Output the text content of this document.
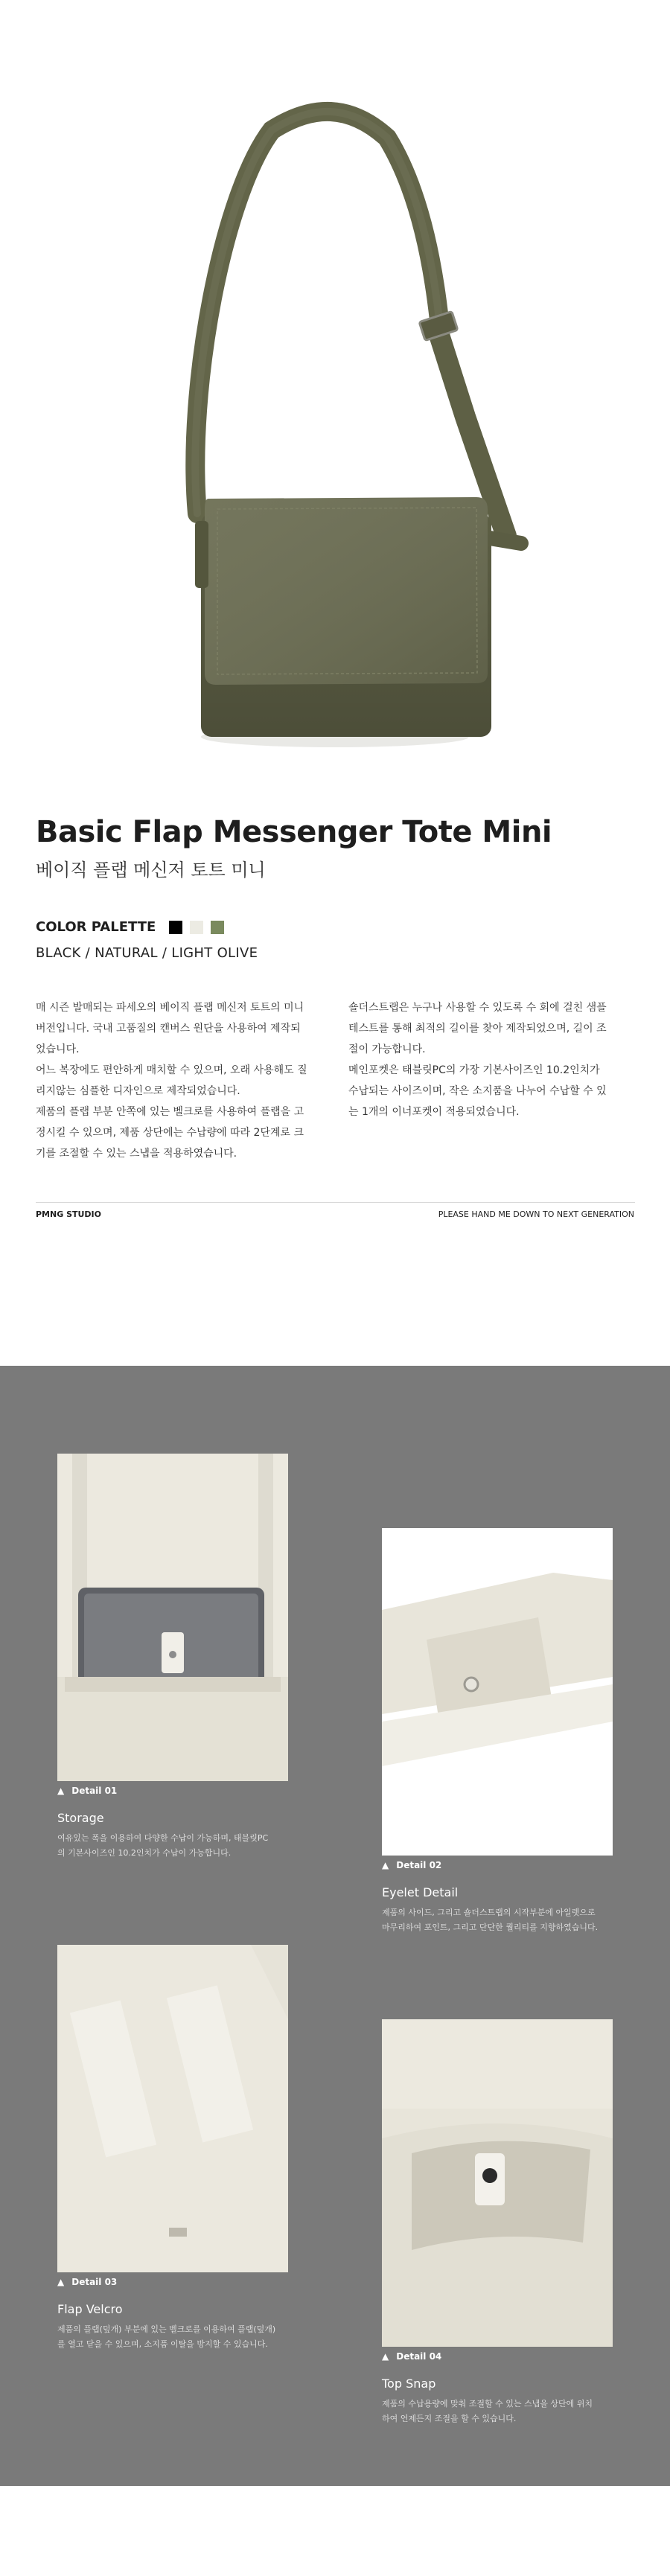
Basic Flap Messenger Tote Mini
베이직 플랩 메신저 토트 미니
COLOR PALETTE
BLACK / NATURAL / LIGHT OLIVE

매 시즌 발매되는 파세오의 베이직 플랩 메신저 토트의 미니

버전입니다. 국내 고품질의 캔버스 원단을 사용하여 제작되

었습니다.

어느 복장에도 편안하게 매치할 수 있으며, 오래 사용해도 질

리지않는 심플한 디자인으로 제작되었습니다.

제품의 플랩 부분 안쪽에 있는 벨크로를 사용하여 플랩을 고

정시킬 수 있으며, 제품 상단에는 수납량에 따라 2단계로 크

기를 조절할 수 있는 스냅을 적용하였습니다.

숄더스트랩은 누구나 사용할 수 있도록 수 회에 걸친 샘플

테스트를 통해 최적의 길이를 찾아 제작되었으며, 길이 조

절이 가능합니다.

메인포켓은 태블릿PC의 가장 기본사이즈인 10.2인치가

수납되는 사이즈이며, 작은 소지품을 나누어 수납할 수 있

는 1개의 이너포켓이 적용되었습니다.

PMNG STUDIO	PLEASE HAND ME DOWN TO NEXT GENERATION
▲ Detail 01
Storage
여유있는 폭을 이용하여 다양한 수납이 가능하며, 태블릿PC
의 기본사이즈인 10.2인치가 수납이 가능합니다.
▲ Detail 02
Eyelet Detail
제품의 사이드, 그리고 숄더스트랩의 시작부분에 아일렛으로
마무리하여 포인트, 그리고 단단한 퀄리티를 지향하였습니다.
▲ Detail 03
Flap Velcro
제품의 플랩(덮개) 부분에 있는 벨크로를 이용하여 플랩(덮개)
를 열고 닫을 수 있으며, 소지품 이탈을 방지할 수 있습니다.
▲ Detail 04
Top Snap
제품의 수납용량에 맞춰 조절할 수 있는 스냅을 상단에 위치
하여 언제든지 조절을 할 수 있습니다.
